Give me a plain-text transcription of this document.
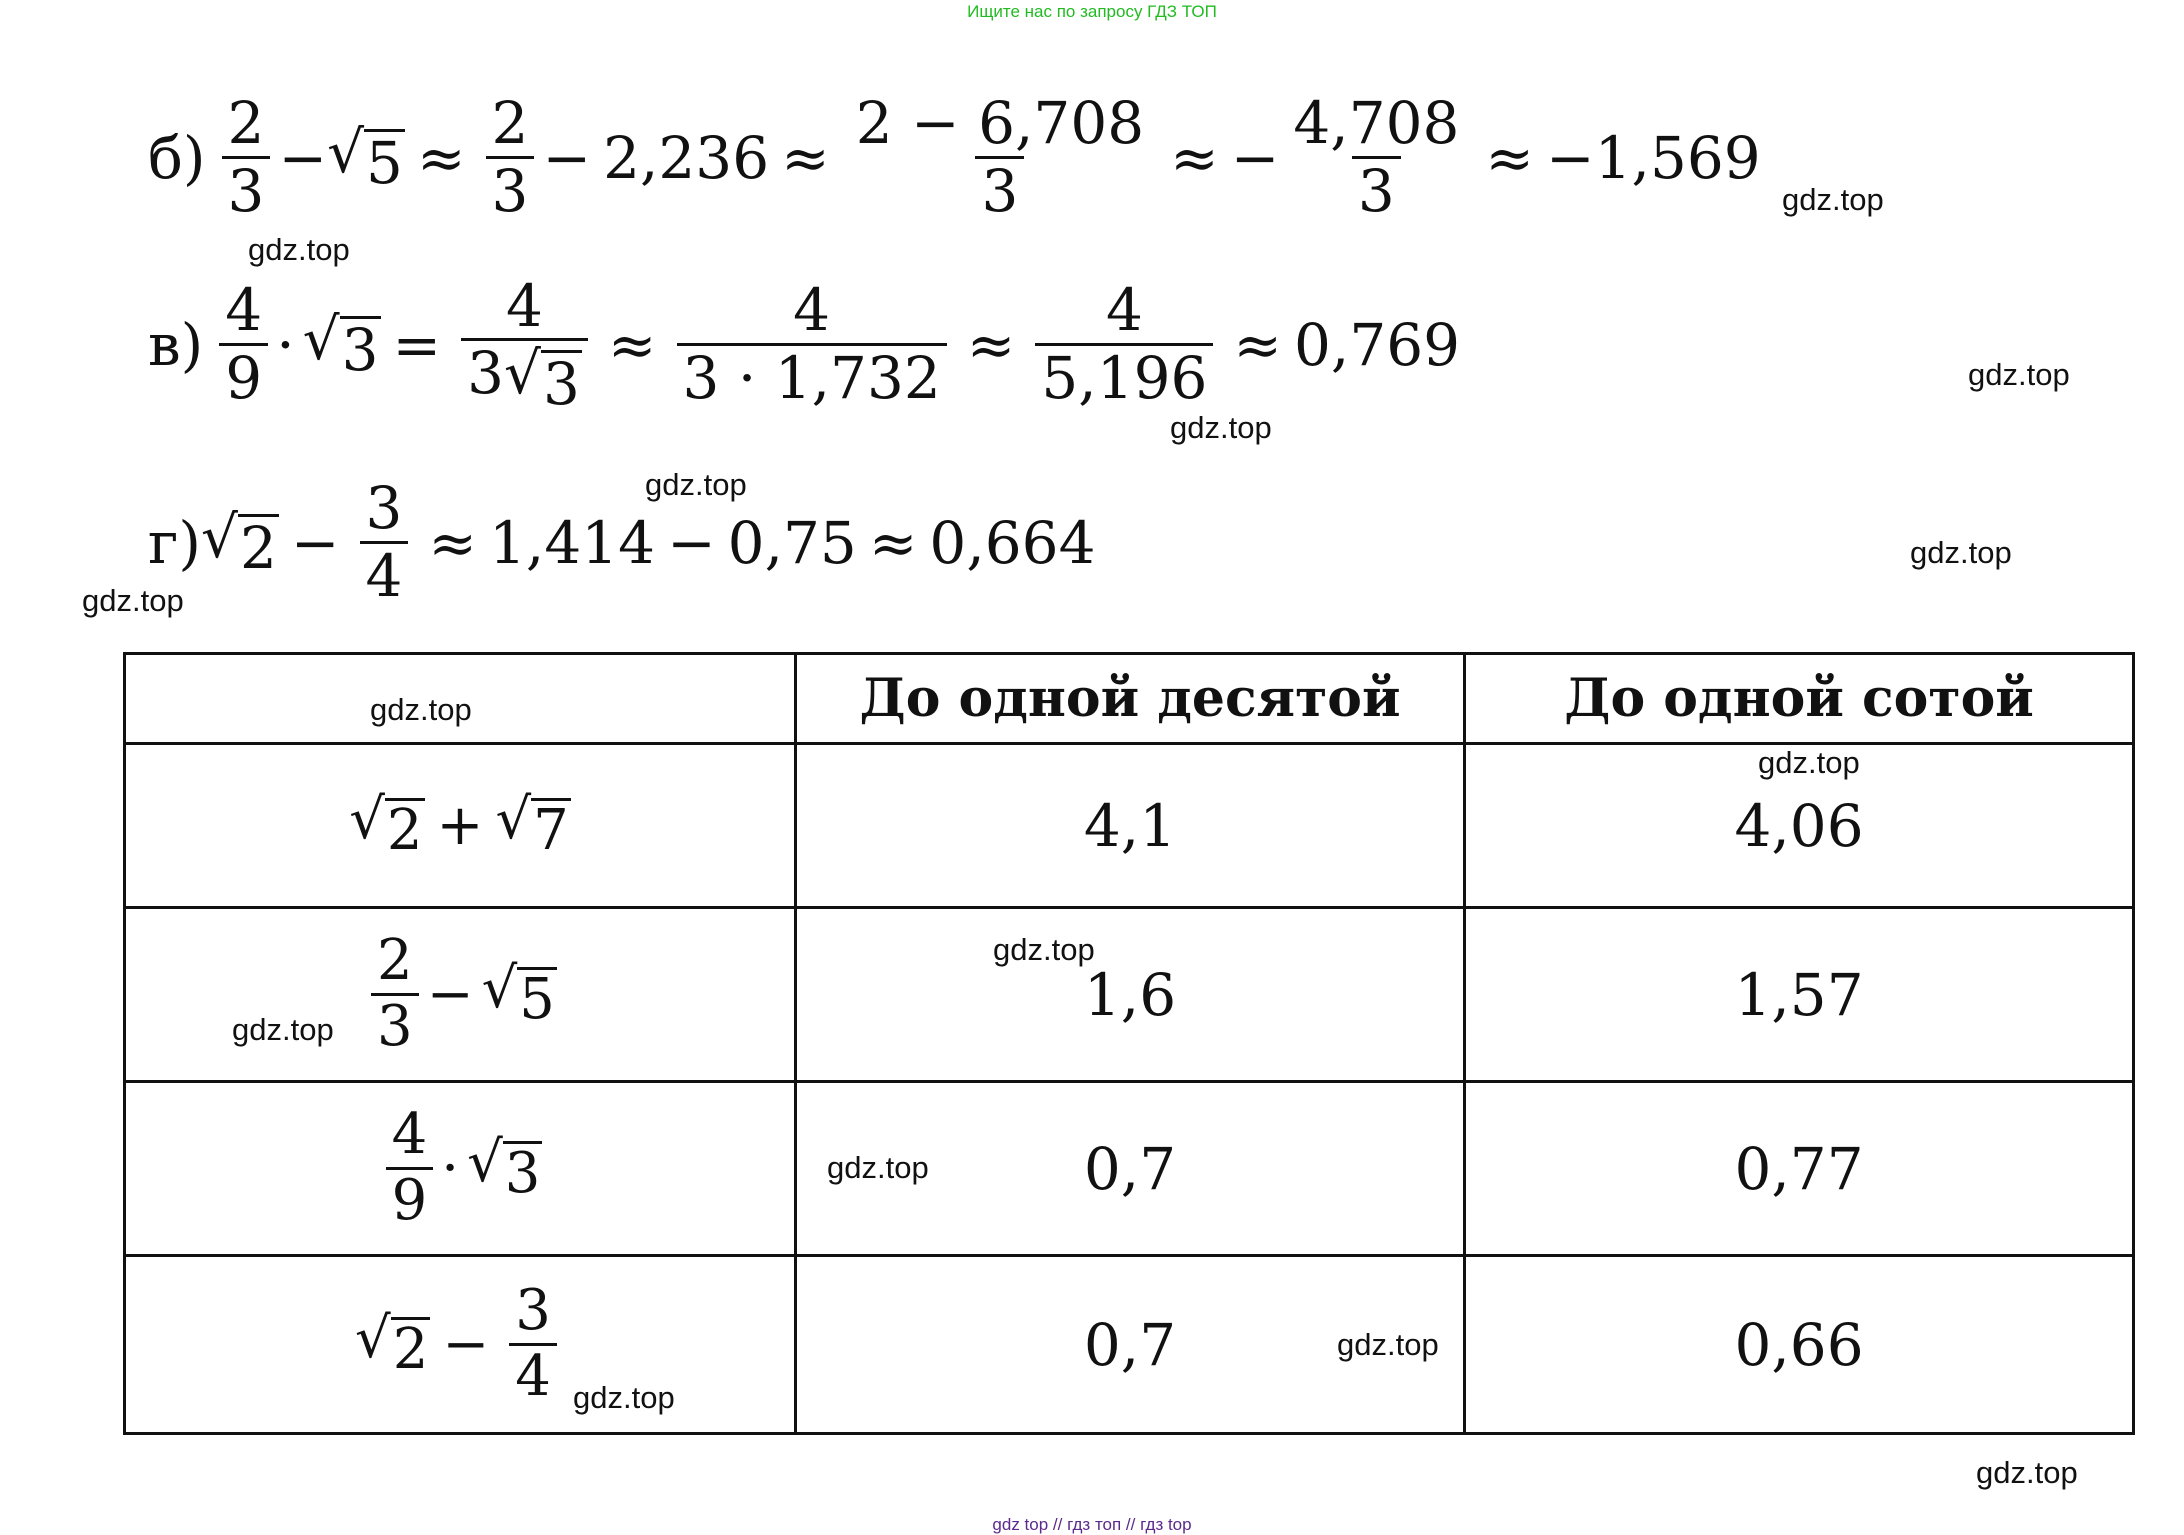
Ищите нас по запросу ГДЗ ТОП
$б) \frac{2}{3}$ − √ $5 \approx \frac{2}{3} - 2,236 \approx \frac{2 - 6,708}{3}$ ≈ − $\frac{4,708}{3} \approx -1,569$
$в) \frac{4}{9}$ · √ $3 = \frac{4}{3 √ 3} \approx \frac{4}{3 \cdot 1,732} \approx \frac{4}{5,196} \approx 0,769$
г) √ $2 - \frac{3}{4} \approx 1,414 - 0,75 \approx 0,664$
	До одной десятой	До одной сотой

√ 2 + √ 7	4,1	4,06

$\frac{2}{3}$ − √ 5	1,6	1,57

$\frac{4}{9}$ · √ 3	0,7	0,77

√ $2 - \frac{3}{4}$	0,7	0,66
gdz.top
gdz.top
gdz.top
gdz.top
gdz.top
gdz.top
gdz.top
gdz.top
gdz.top
gdz.top
gdz.top
gdz.top
gdz.top
gdz.top
gdz.top
gdz top // гдз топ // гдз top
